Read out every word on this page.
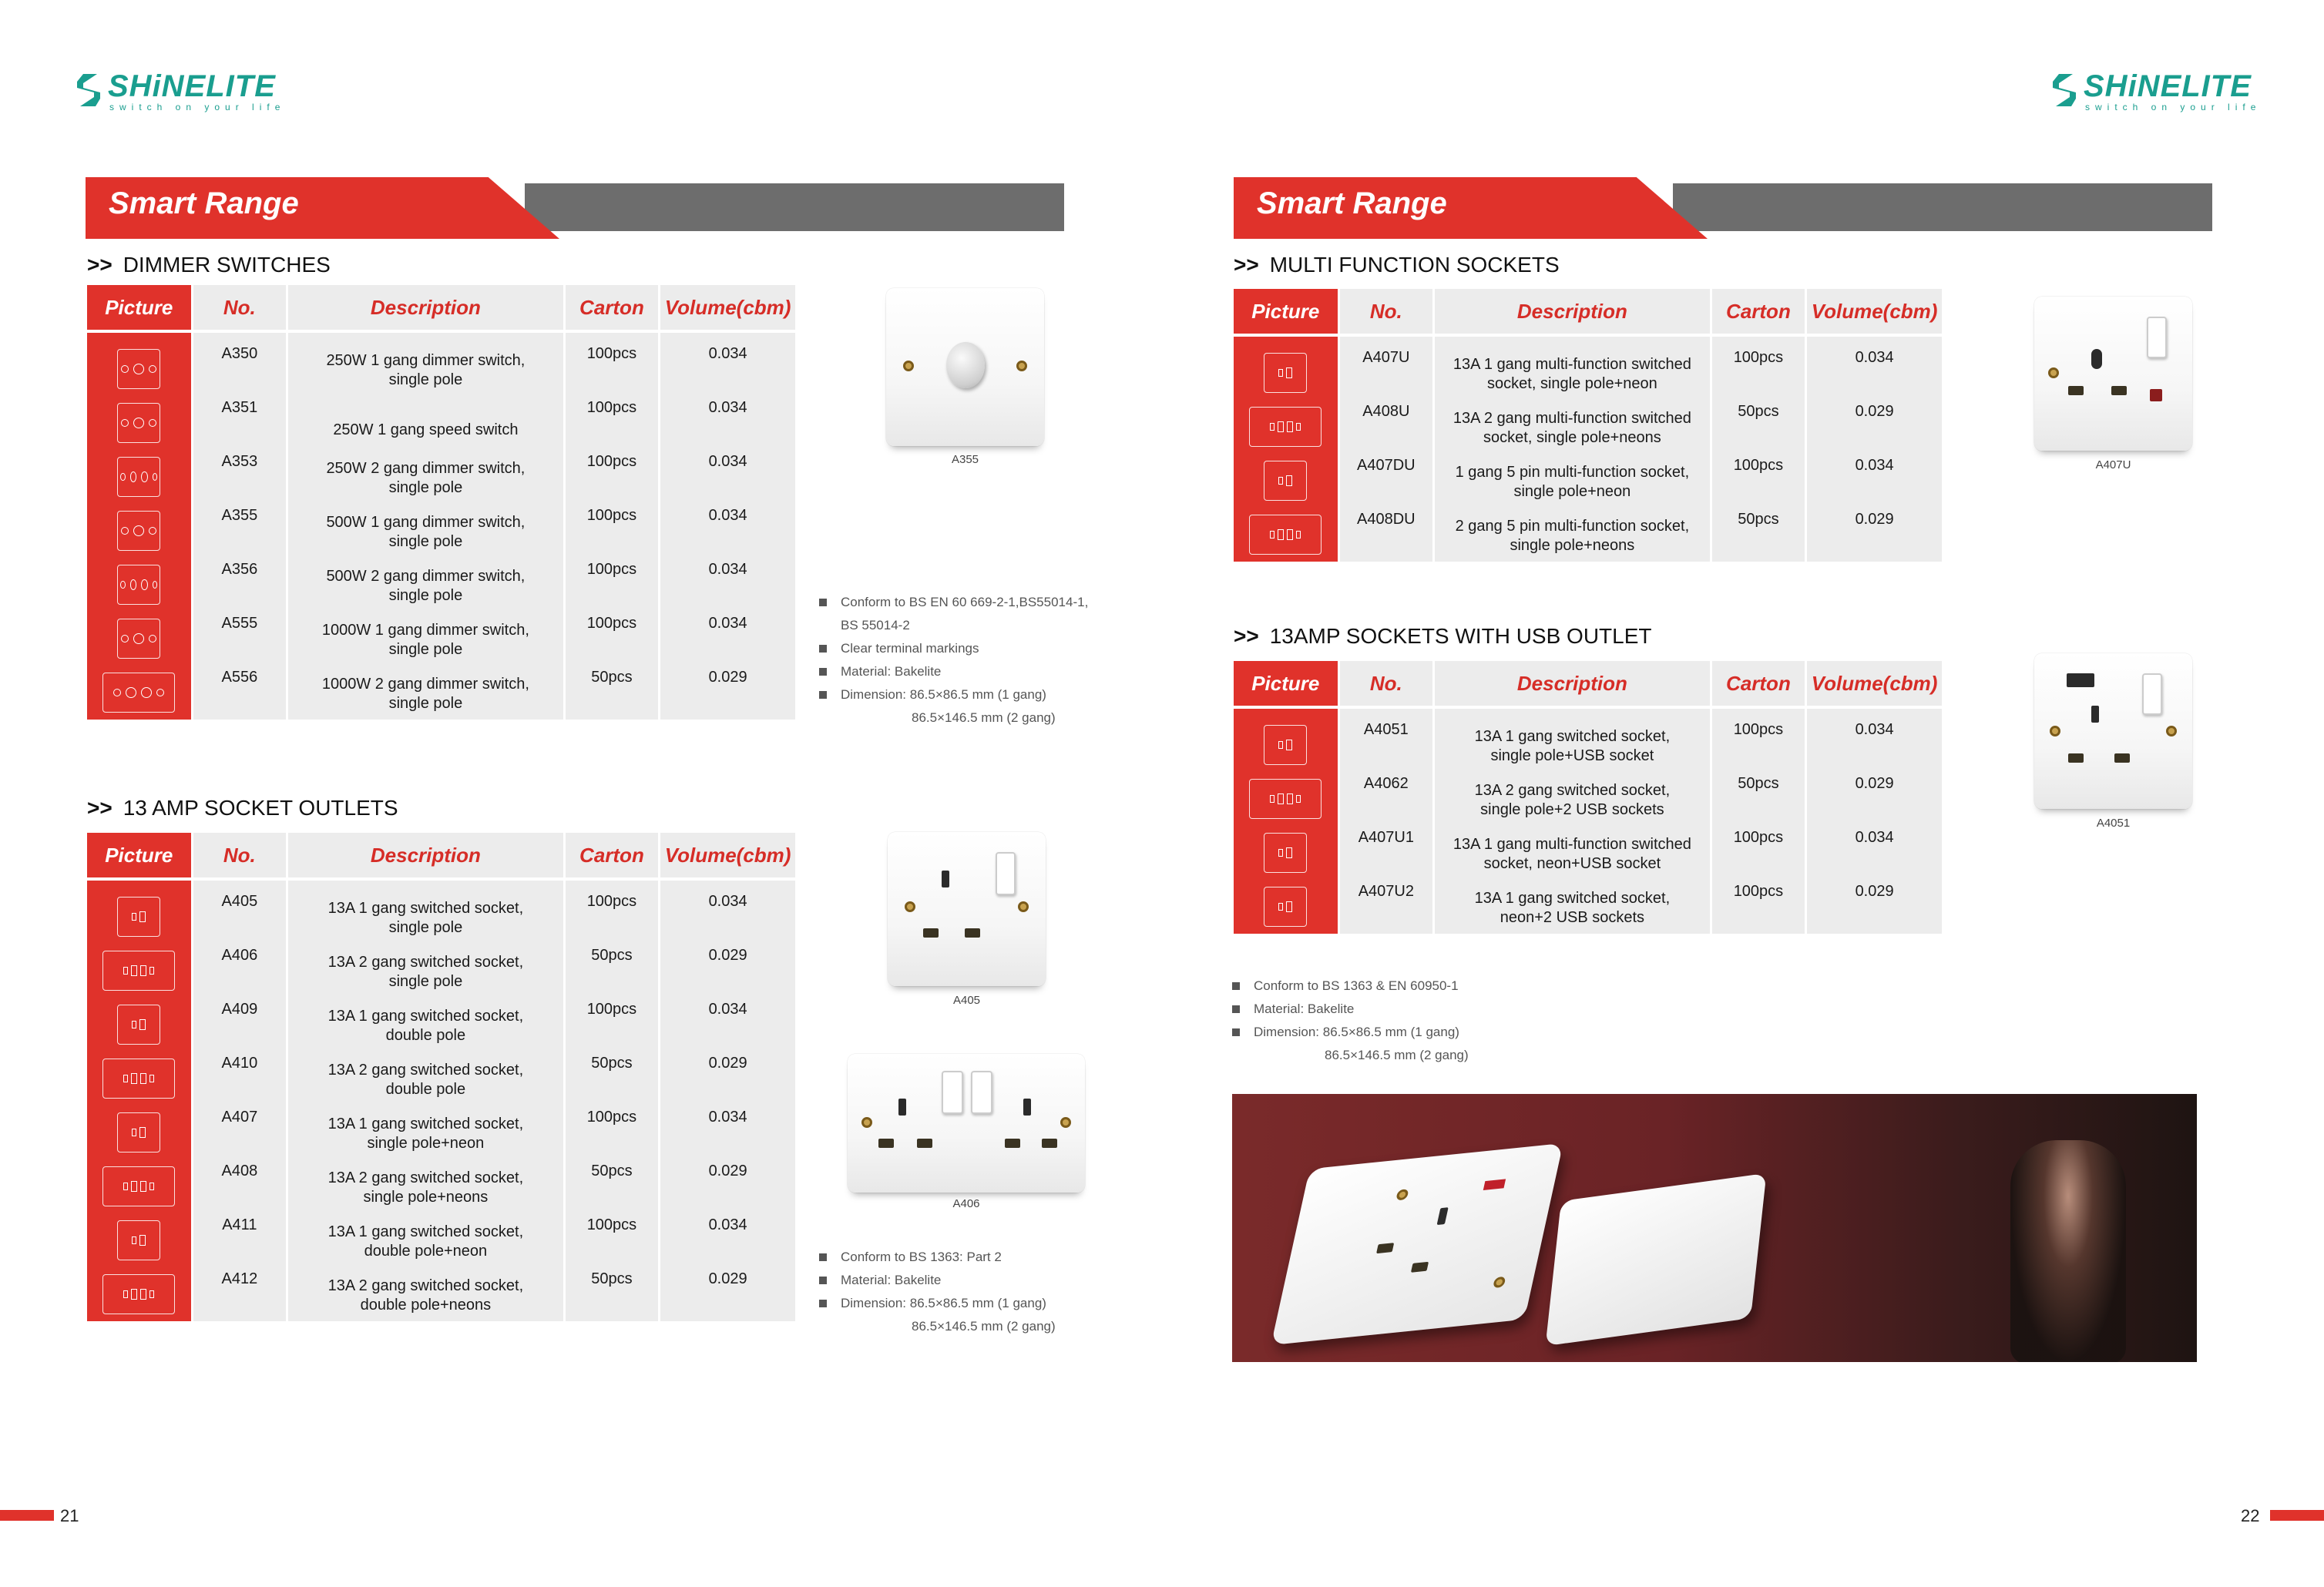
SHiNELITE
switch on your life
SHiNELITE
switch on your life
Smart Range	Smart Range
>> DIMMER SWITCHES
Picture	No.	Description	Carton	Volume(cbm)

A350	250W 1 gang dimmer switch,
single pole	100pcs	0.034

A351	250W 1 gang speed switch	100pcs	0.034

A353	250W 2 gang dimmer switch,
single pole	100pcs	0.034

A355	500W 1 gang dimmer switch,
single pole	100pcs	0.034

A356	500W 2 gang dimmer switch,
single pole	100pcs	0.034

A555	1000W 1 gang dimmer switch,
single pole	100pcs	0.034

A556	1000W 2 gang dimmer switch,
single pole	50pcs	0.029
A355
Conform to BS EN 60 669-2-1,BS55014-1,
BS 55014-2
Clear terminal markings
Material: Bakelite
Dimension: 86.5×86.5 mm (1 gang)
86.5×146.5 mm (2 gang)
>> 13 AMP SOCKET OUTLETS
Picture	No.	Description	Carton	Volume(cbm)

A405	13A 1 gang switched socket,
single pole	100pcs	0.034

A406	13A 2 gang switched socket,
single pole	50pcs	0.029

A409	13A 1 gang switched socket,
double pole	100pcs	0.034

A410	13A 2 gang switched socket,
double pole	50pcs	0.029

A407	13A 1 gang switched socket,
single pole+neon	100pcs	0.034

A408	13A 2 gang switched socket,
single pole+neons	50pcs	0.029

A411	13A 1 gang switched socket,
double pole+neon	100pcs	0.034

A412	13A 2 gang switched socket,
double pole+neons	50pcs	0.029
A405
A406
Conform to BS 1363: Part 2
Material: Bakelite
Dimension: 86.5×86.5 mm (1 gang)
86.5×146.5 mm (2 gang)
>> MULTI FUNCTION SOCKETS
Picture	No.	Description	Carton	Volume(cbm)

A407U	13A 1 gang multi-function switched
socket, single pole+neon	100pcs	0.034

A408U	13A 2 gang multi-function switched
socket, single pole+neons	50pcs	0.029

A407DU	1 gang 5 pin multi-function socket,
single pole+neon	100pcs	0.034

A408DU	2 gang 5 pin multi-function socket,
single pole+neons	50pcs	0.029
A407U
>> 13AMP SOCKETS WITH USB OUTLET
Picture	No.	Description	Carton	Volume(cbm)

A4051	13A 1 gang switched socket,
single pole+USB socket	100pcs	0.034

A4062	13A 2 gang switched socket,
single pole+2 USB sockets	50pcs	0.029

A407U1	13A 1 gang multi-function switched
socket, neon+USB socket	100pcs	0.034

A407U2	13A 1 gang switched socket,
neon+2 USB sockets	100pcs	0.029
A4051
Conform to BS 1363 & EN 60950-1
Material: Bakelite
Dimension: 86.5×86.5 mm (1 gang)
86.5×146.5 mm (2 gang)
21	22
